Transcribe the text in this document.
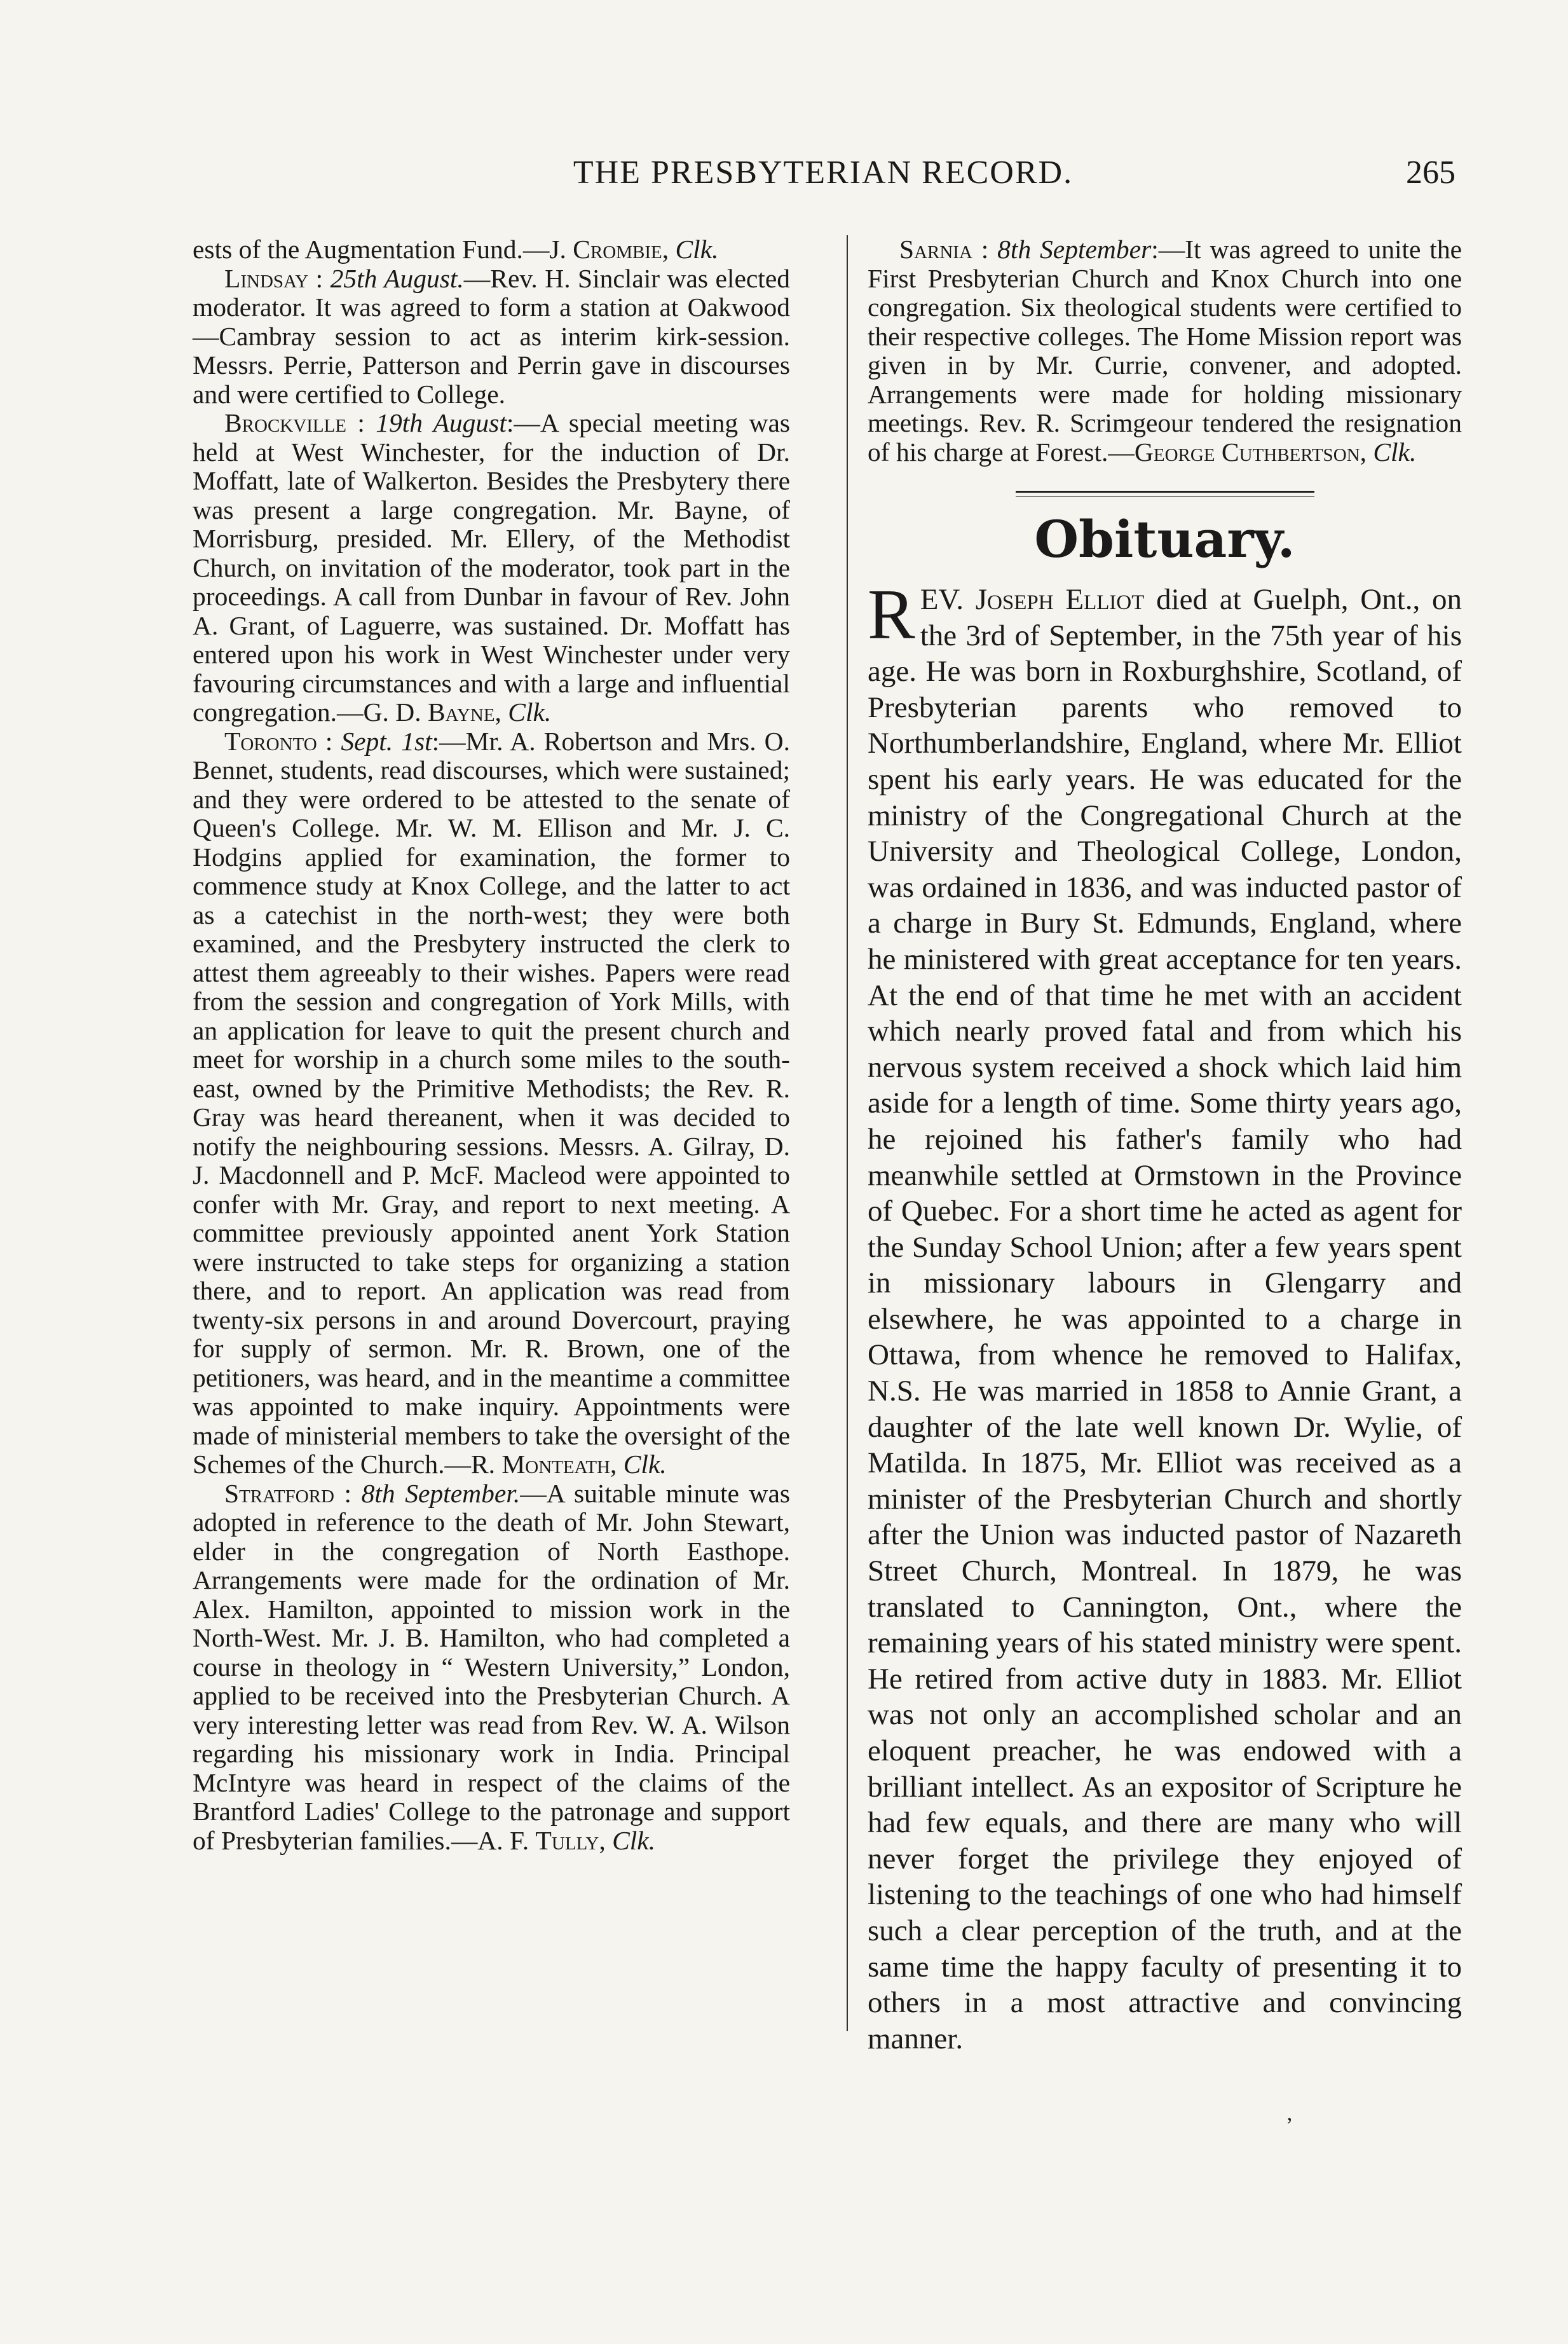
THE PRESBYTERIAN RECORD.	265

ests of the Augmentation Fund.—J. Crombie, Clk.

Lindsay : 25th August.—Rev. H. Sinclair was elected moderator. It was agreed to form a station at Oakwood—Cambray session to act as interim kirk-session. Messrs. Perrie, Patterson and Perrin gave in discourses and were certified to College.

Brockville : 19th August:—A special meeting was held at West Winchester, for the induction of Dr. Moffatt, late of Walkerton. Besides the Presbytery there was present a large congregation. Mr. Bayne, of Morrisburg, presided. Mr. Ellery, of the Methodist Church, on invitation of the moderator, took part in the proceedings. A call from Dunbar in favour of Rev. John A. Grant, of Laguerre, was sustained. Dr. Moffatt has entered upon his work in West Winchester under very favouring circumstances and with a large and influential congregation.—G. D. Bayne, Clk.

Toronto : Sept. 1st:—Mr. A. Robertson and Mrs. O. Bennet, students, read discourses, which were sustained; and they were ordered to be attested to the senate of Queen's College. Mr. W. M. Ellison and Mr. J. C. Hodgins applied for examination, the former to commence study at Knox College, and the latter to act as a catechist in the north-west; they were both examined, and the Presbytery instructed the clerk to attest them agreeably to their wishes. Papers were read from the session and congregation of York Mills, with an application for leave to quit the present church and meet for worship in a church some miles to the south-east, owned by the Primitive Methodists; the Rev. R. Gray was heard thereanent, when it was decided to notify the neighbouring sessions. Messrs. A. Gilray, D. J. Macdonnell and P. McF. Macleod were appointed to confer with Mr. Gray, and report to next meeting. A committee previously appointed anent York Station were instructed to take steps for organizing a station there, and to report. An application was read from twenty-six persons in and around Dovercourt, praying for supply of sermon. Mr. R. Brown, one of the petitioners, was heard, and in the meantime a committee was appointed to make inquiry. Appointments were made of ministerial members to take the oversight of the Schemes of the Church.—R. Monteath, Clk.

Stratford : 8th September.—A suitable minute was adopted in reference to the death of Mr. John Stewart, elder in the congregation of North Easthope. Arrangements were made for the ordination of Mr. Alex. Hamilton, appointed to mission work in the North-West. Mr. J. B. Hamilton, who had completed a course in theology in “ Western University,” London, applied to be received into the Presbyterian Church. A very interesting letter was read from Rev. W. A. Wilson regarding his missionary work in India. Principal McIntyre was heard in respect of the claims of the Brantford Ladies' College to the patronage and support of Presbyterian families.—A. F. Tully, Clk.

Sarnia : 8th September:—It was agreed to unite the First Presbyterian Church and Knox Church into one congregation. Six theological students were certified to their respective colleges. The Home Mission report was given in by Mr. Currie, convener, and adopted. Arrangements were made for holding missionary meetings. Rev. R. Scrimgeour tendered the resignation of his charge at Forest.—George Cuthbertson, Clk.

Obituary.

REV. Joseph Elliot died at Guelph, Ont., on the 3rd of September, in the 75th year of his age. He was born in Roxburghshire, Scotland, of Presbyterian parents who removed to Northumberlandshire, England, where Mr. Elliot spent his early years. He was educated for the ministry of the Congregational Church at the University and Theological College, London, was ordained in 1836, and was inducted pastor of a charge in Bury St. Edmunds, England, where he ministered with great acceptance for ten years. At the end of that time he met with an accident which nearly proved fatal and from which his nervous system received a shock which laid him aside for a length of time. Some thirty years ago, he rejoined his father's family who had meanwhile settled at Ormstown in the Province of Quebec. For a short time he acted as agent for the Sunday School Union; after a few years spent in missionary labours in Glengarry and elsewhere, he was appointed to a charge in Ottawa, from whence he removed to Halifax, N.S. He was married in 1858 to Annie Grant, a daughter of the late well known Dr. Wylie, of Matilda. In 1875, Mr. Elliot was received as a minister of the Presbyterian Church and shortly after the Union was inducted pastor of Nazareth Street Church, Montreal. In 1879, he was translated to Cannington, Ont., where the remaining years of his stated ministry were spent. He retired from active duty in 1883. Mr. Elliot was not only an accomplished scholar and an eloquent preacher, he was endowed with a brilliant intellect. As an expositor of Scripture he had few equals, and there are many who will never forget the privilege they enjoyed of listening to the teachings of one who had himself such a clear perception of the truth, and at the same time the happy faculty of presenting it to others in a most attractive and convincing manner.

ʼ
